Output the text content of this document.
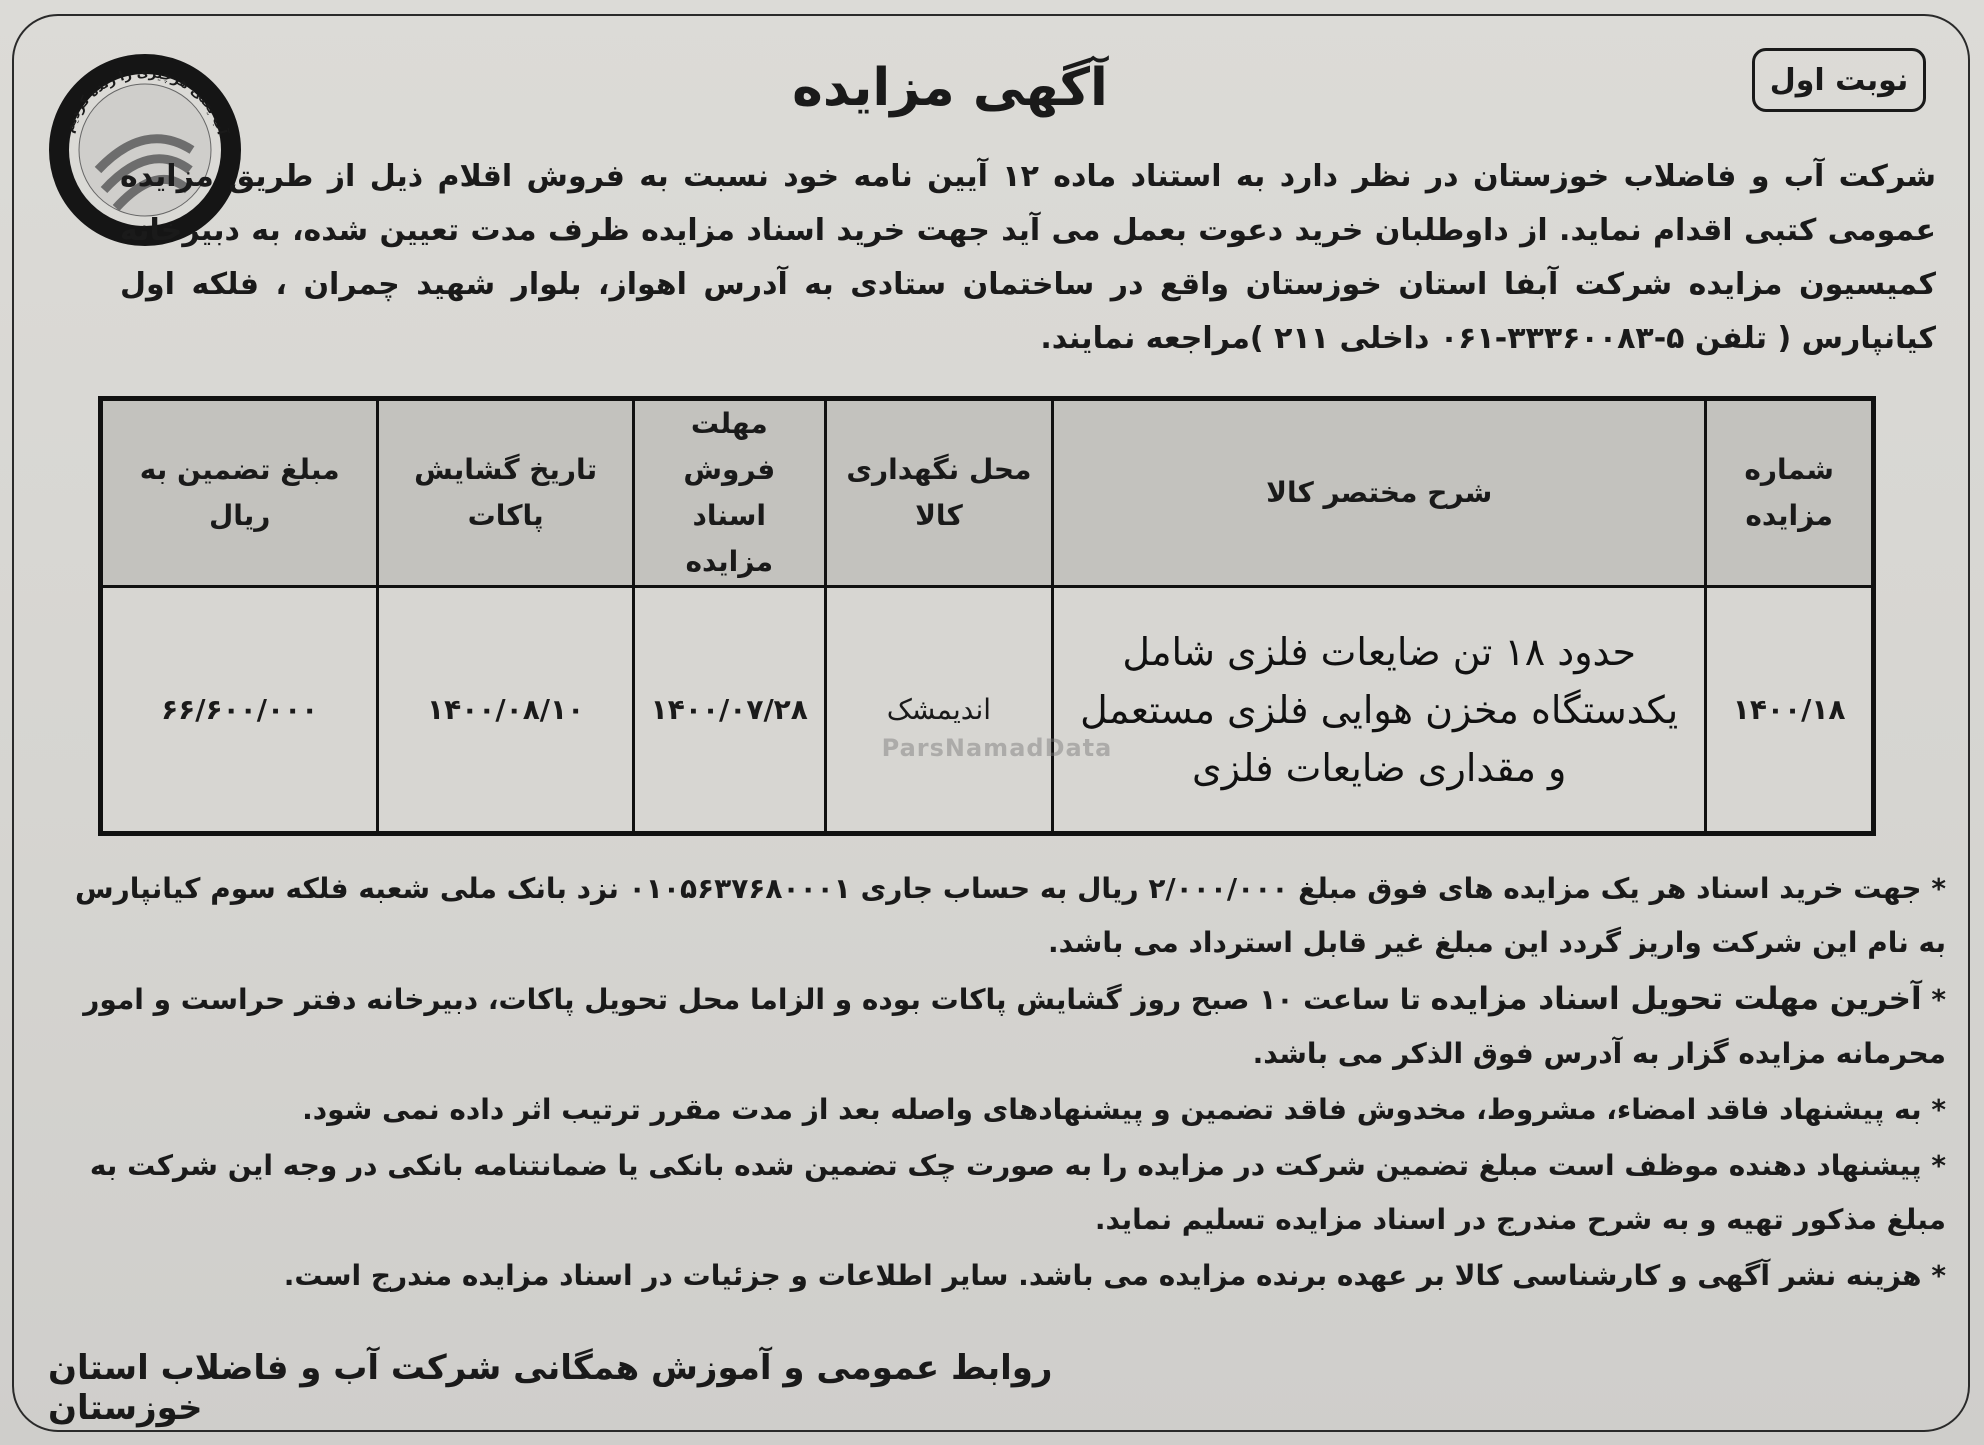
آب یعنی هرچیزی را زنده کردیم
نوبت اول
آگهی مزایده
شرکت آب و فاضلاب خوزستان در نظر دارد به استناد ماده ۱۲ آیین نامه خود نسبت به فروش اقلام ذیل از طریق مزایده عمومی کتبی اقدام نماید. از داوطلبان خرید دعوت بعمل می آید جهت خرید اسناد مزایده ظرف مدت تعیین شده، به دبیرخانه کمیسیون مزایده شرکت آبفا استان خوزستان واقع در ساختمان ستادی به آدرس اهواز، بلوار شهید چمران ، فلکه اول کیانپارس ( تلفن ۵-۳۳۳۶۰۰۸۳-۰۶۱ داخلی ۲۱۱ )مراجعه نمایند.
شماره مزایده	شرح مختصر کالا	محل نگهداری کالا	مهلت فروش اسناد مزایده	تاریخ گشایش پاکات	مبلغ تضمین به ریال
۱۴۰۰/۱۸	حدود ۱۸ تن ضایعات فلزی شامل
یکدستگاه مخزن هوایی فلزی مستعمل
و مقداری ضایعات فلزی	اندیمشک	۱۴۰۰/۰۷/۲۸	۱۴۰۰/۰۸/۱۰	۶۶/۶۰۰/۰۰۰
ParsNamadData

* جهت خرید اسناد هر یک مزایده های فوق مبلغ ۲/۰۰۰/۰۰۰ ریال به حساب جاری ۰۱۰۵۶۳۷۶۸۰۰۰۱ نزد بانک ملی شعبه فلکه سوم کیانپارس به نام این شرکت واریز گردد این مبلغ غیر قابل استرداد می باشد.

* آخرین مهلت تحویل اسناد مزایده تا ساعت ۱۰ صبح روز گشایش پاکات بوده و الزاما محل تحویل پاکات، دبیرخانه دفتر حراست و امور محرمانه مزایده گزار به آدرس فوق الذکر می باشد.

* به پیشنهاد فاقد امضاء، مشروط، مخدوش فاقد تضمین و پیشنهادهای واصله بعد از مدت مقرر ترتیب اثر داده نمی شود.

* پیشنهاد دهنده موظف است مبلغ تضمین شرکت در مزایده را به صورت چک تضمین شده بانکی یا ضمانتنامه بانکی در وجه این شرکت به مبلغ مذکور تهیه و به شرح مندرج در اسناد مزایده تسلیم نماید.

* هزینه نشر آگهی و کارشناسی کالا بر عهده برنده مزایده می باشد. سایر اطلاعات و جزئیات در اسناد مزایده مندرج است.

روابط عمومی و آموزش همگانی شرکت آب و فاضلاب استان خوزستان
